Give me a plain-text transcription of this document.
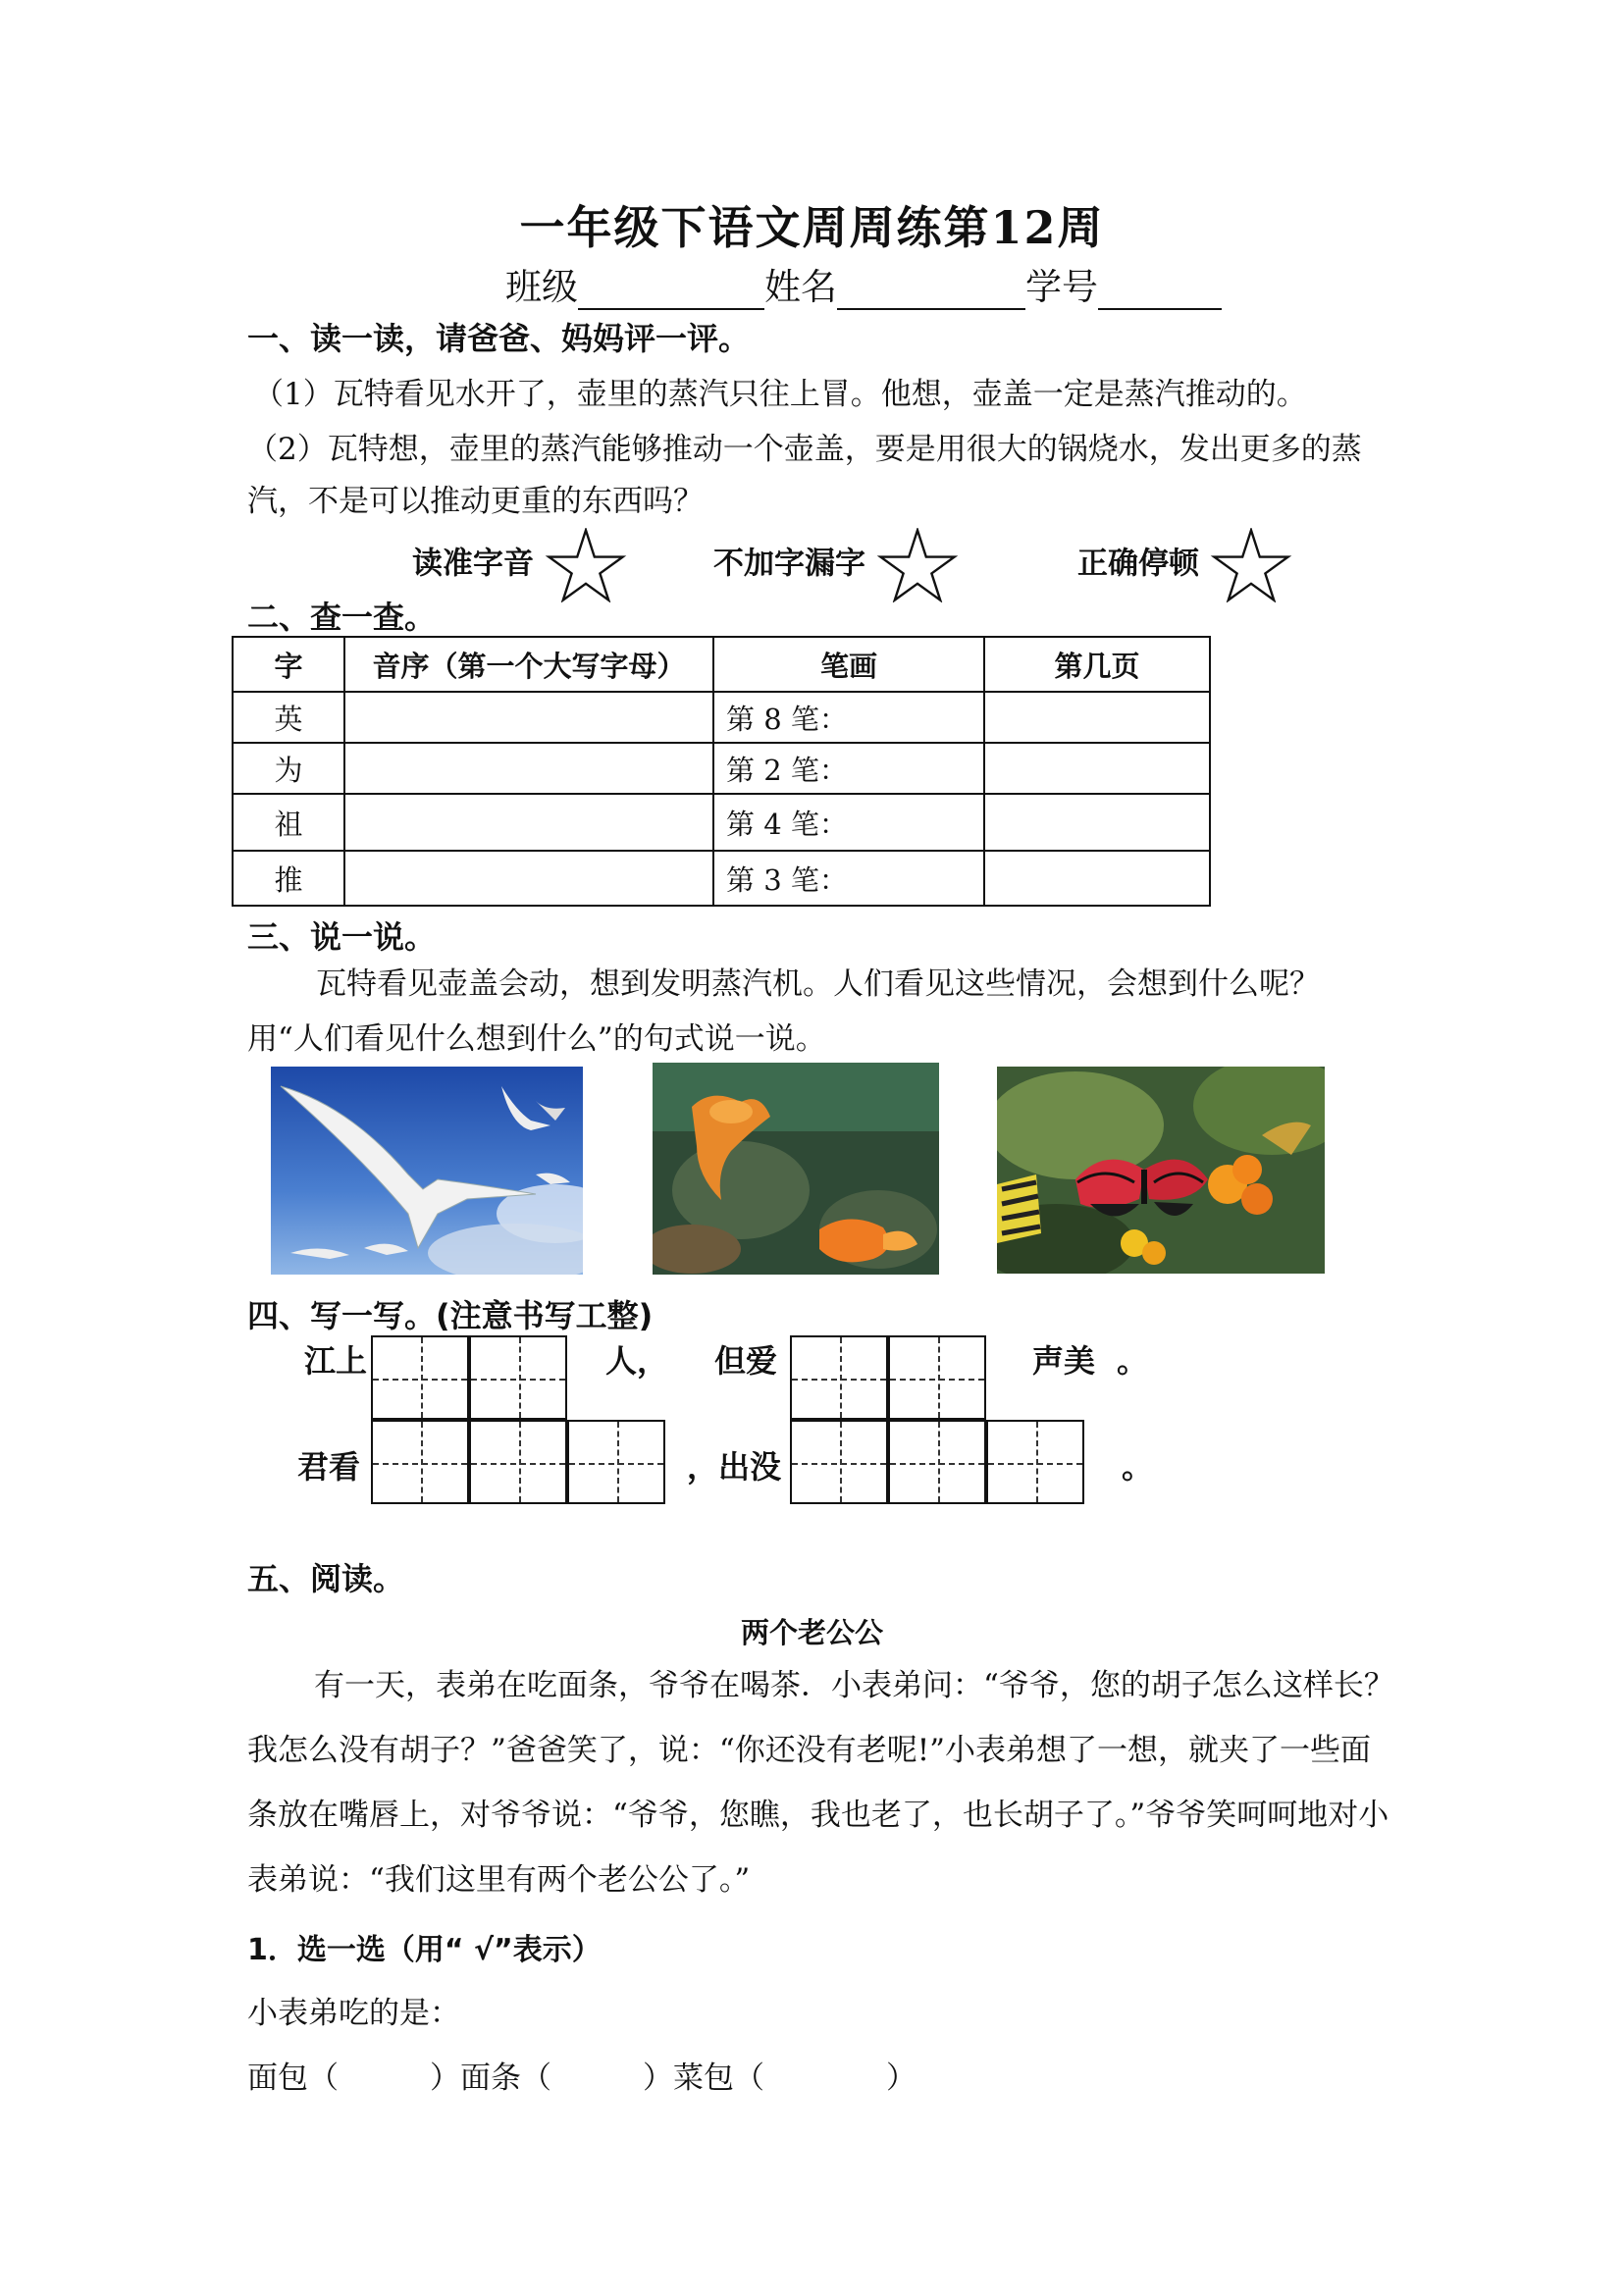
一年级下语文周周练第12周
班级	姓名	学号
一、读一读，请爸爸、妈妈评一评。
（1）瓦特看见水开了，壶里的蒸汽只往上冒。他想，壶盖一定是蒸汽推动的。
（2）瓦特想，壶里的蒸汽能够推动一个壶盖，要是用很大的锅烧水，发出更多的蒸汽，不是可以推动更重的东西吗？
读准字音	不加字漏字	正确停顿
二、查一查。
字	音序（第一个大写字母）	笔画	第几页
英		第 8 笔：	
为		第 2 笔：	
祖		第 4 笔：	
推		第 3 笔：	
三、说一说。
瓦特看见壶盖会动，想到发明蒸汽机。人们看见这些情况，会想到什么呢？用“人们看见什么想到什么”的句式说一说。
四、写一写。(注意书写工整)
江上	人， 但爱	声美 。
君看	，出没	。
五、阅读。
两个老公公
有一天，表弟在吃面条，爷爷在喝茶．小表弟问：“爷爷，您的胡子怎么这样长？我怎么没有胡子？”爸爸笑了，说：“你还没有老呢!”小表弟想了一想，就夹了一些面条放在嘴唇上，对爷爷说：“爷爷，您瞧，我也老了，也长胡子了。”爷爷笑呵呵地对小表弟说：“我们这里有两个老公公了。”
1．选一选（用“ √”表示）
小表弟吃的是：
面包（　　　）面条（　　　）菜包（　　　　）
